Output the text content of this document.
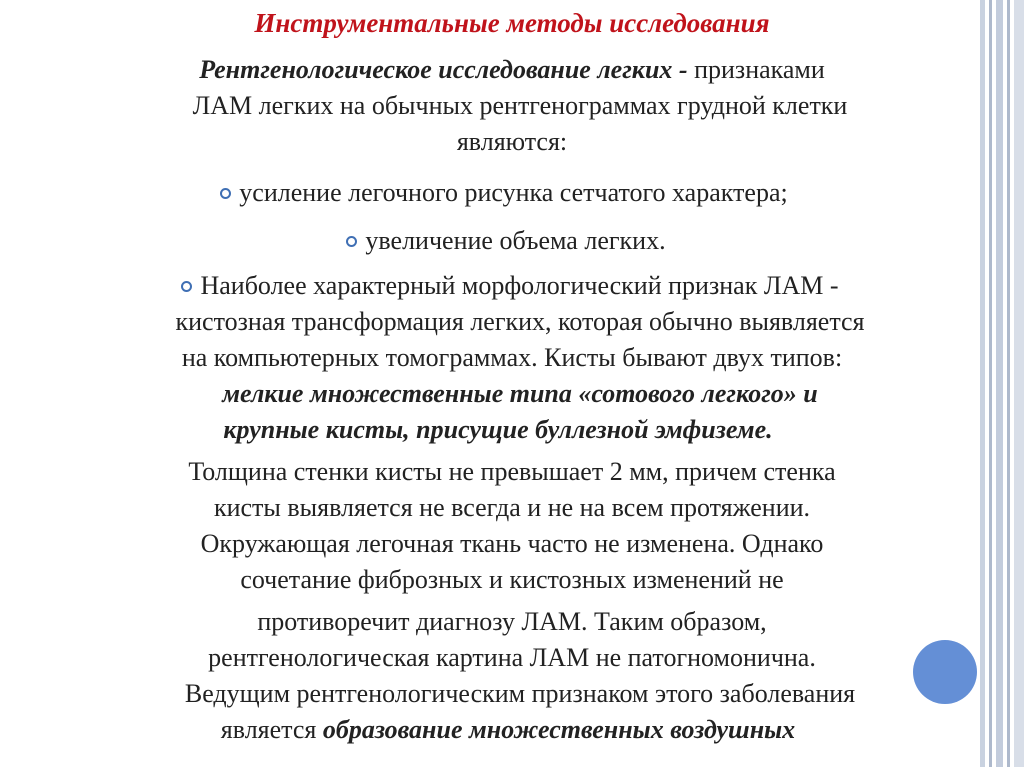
Инструментальные методы исследования
Рентгенологическое исследование легких - признаками
ЛАМ легких на обычных рентгенограммах грудной клетки
являются:
усиление легочного рисунка сетчатого характера;
увеличение объема легких.
Наиболее характерный морфологический признак ЛАМ -
кистозная трансформация легких, которая обычно выявляется
на компьютерных томограммах. Кисты бывают двух типов:
мелкие множественные типа «сотового легкого» и
крупные кисты, присущие буллезной эмфиземе.
Толщина стенки кисты не превышает 2 мм, причем стенка
кисты выявляется не всегда и не на всем протяжении.
Окружающая легочная ткань часто не изменена. Однако
сочетание фиброзных и кистозных изменений не
противоречит диагнозу ЛАМ. Таким образом,
рентгенологическая картина ЛАМ не патогномонична.
Ведущим рентгенологическим признаком этого заболевания
является образование множественных воздушных
